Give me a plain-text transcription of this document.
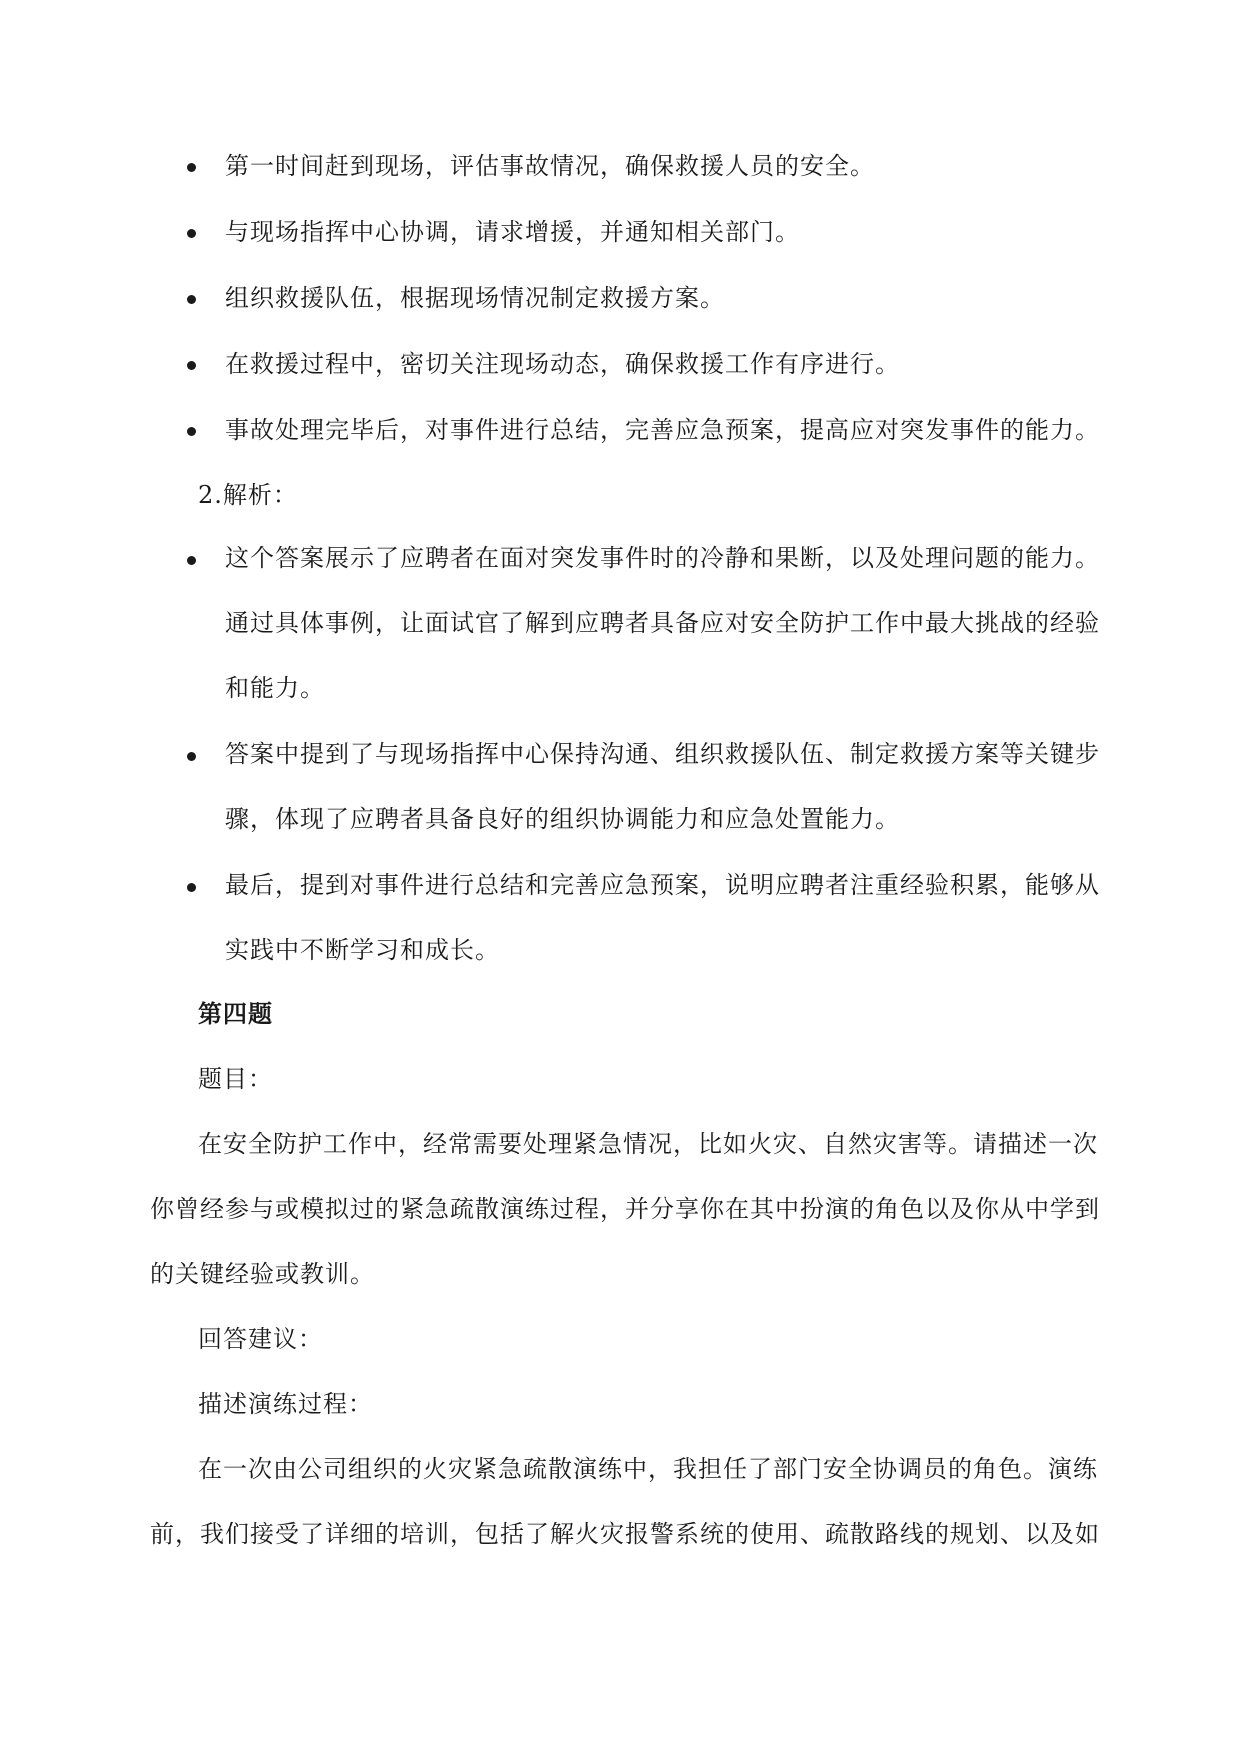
第一时间赶到现场，评估事故情况，确保救援人员的安全。
与现场指挥中心协调，请求增援，并通知相关部门。
组织救援队伍，根据现场情况制定救援方案。
在救援过程中，密切关注现场动态，确保救援工作有序进行。
事故处理完毕后，对事件进行总结，完善应急预案，提高应对突发事件的能力。
2.解析：
这个答案展示了应聘者在面对突发事件时的冷静和果断，以及处理问题的能力。
通过具体事例，让面试官了解到应聘者具备应对安全防护工作中最大挑战的经验
和能力。
答案中提到了与现场指挥中心保持沟通、组织救援队伍、制定救援方案等关键步
骤，体现了应聘者具备良好的组织协调能力和应急处置能力。
最后，提到对事件进行总结和完善应急预案，说明应聘者注重经验积累，能够从
实践中不断学习和成长。
第四题
题目：
在安全防护工作中，经常需要处理紧急情况，比如火灾、自然灾害等。请描述一次
你曾经参与或模拟过的紧急疏散演练过程，并分享你在其中扮演的角色以及你从中学到
的关键经验或教训。
回答建议：
描述演练过程：
在一次由公司组织的火灾紧急疏散演练中，我担任了部门安全协调员的角色。演练
前，我们接受了详细的培训，包括了解火灾报警系统的使用、疏散路线的规划、以及如
